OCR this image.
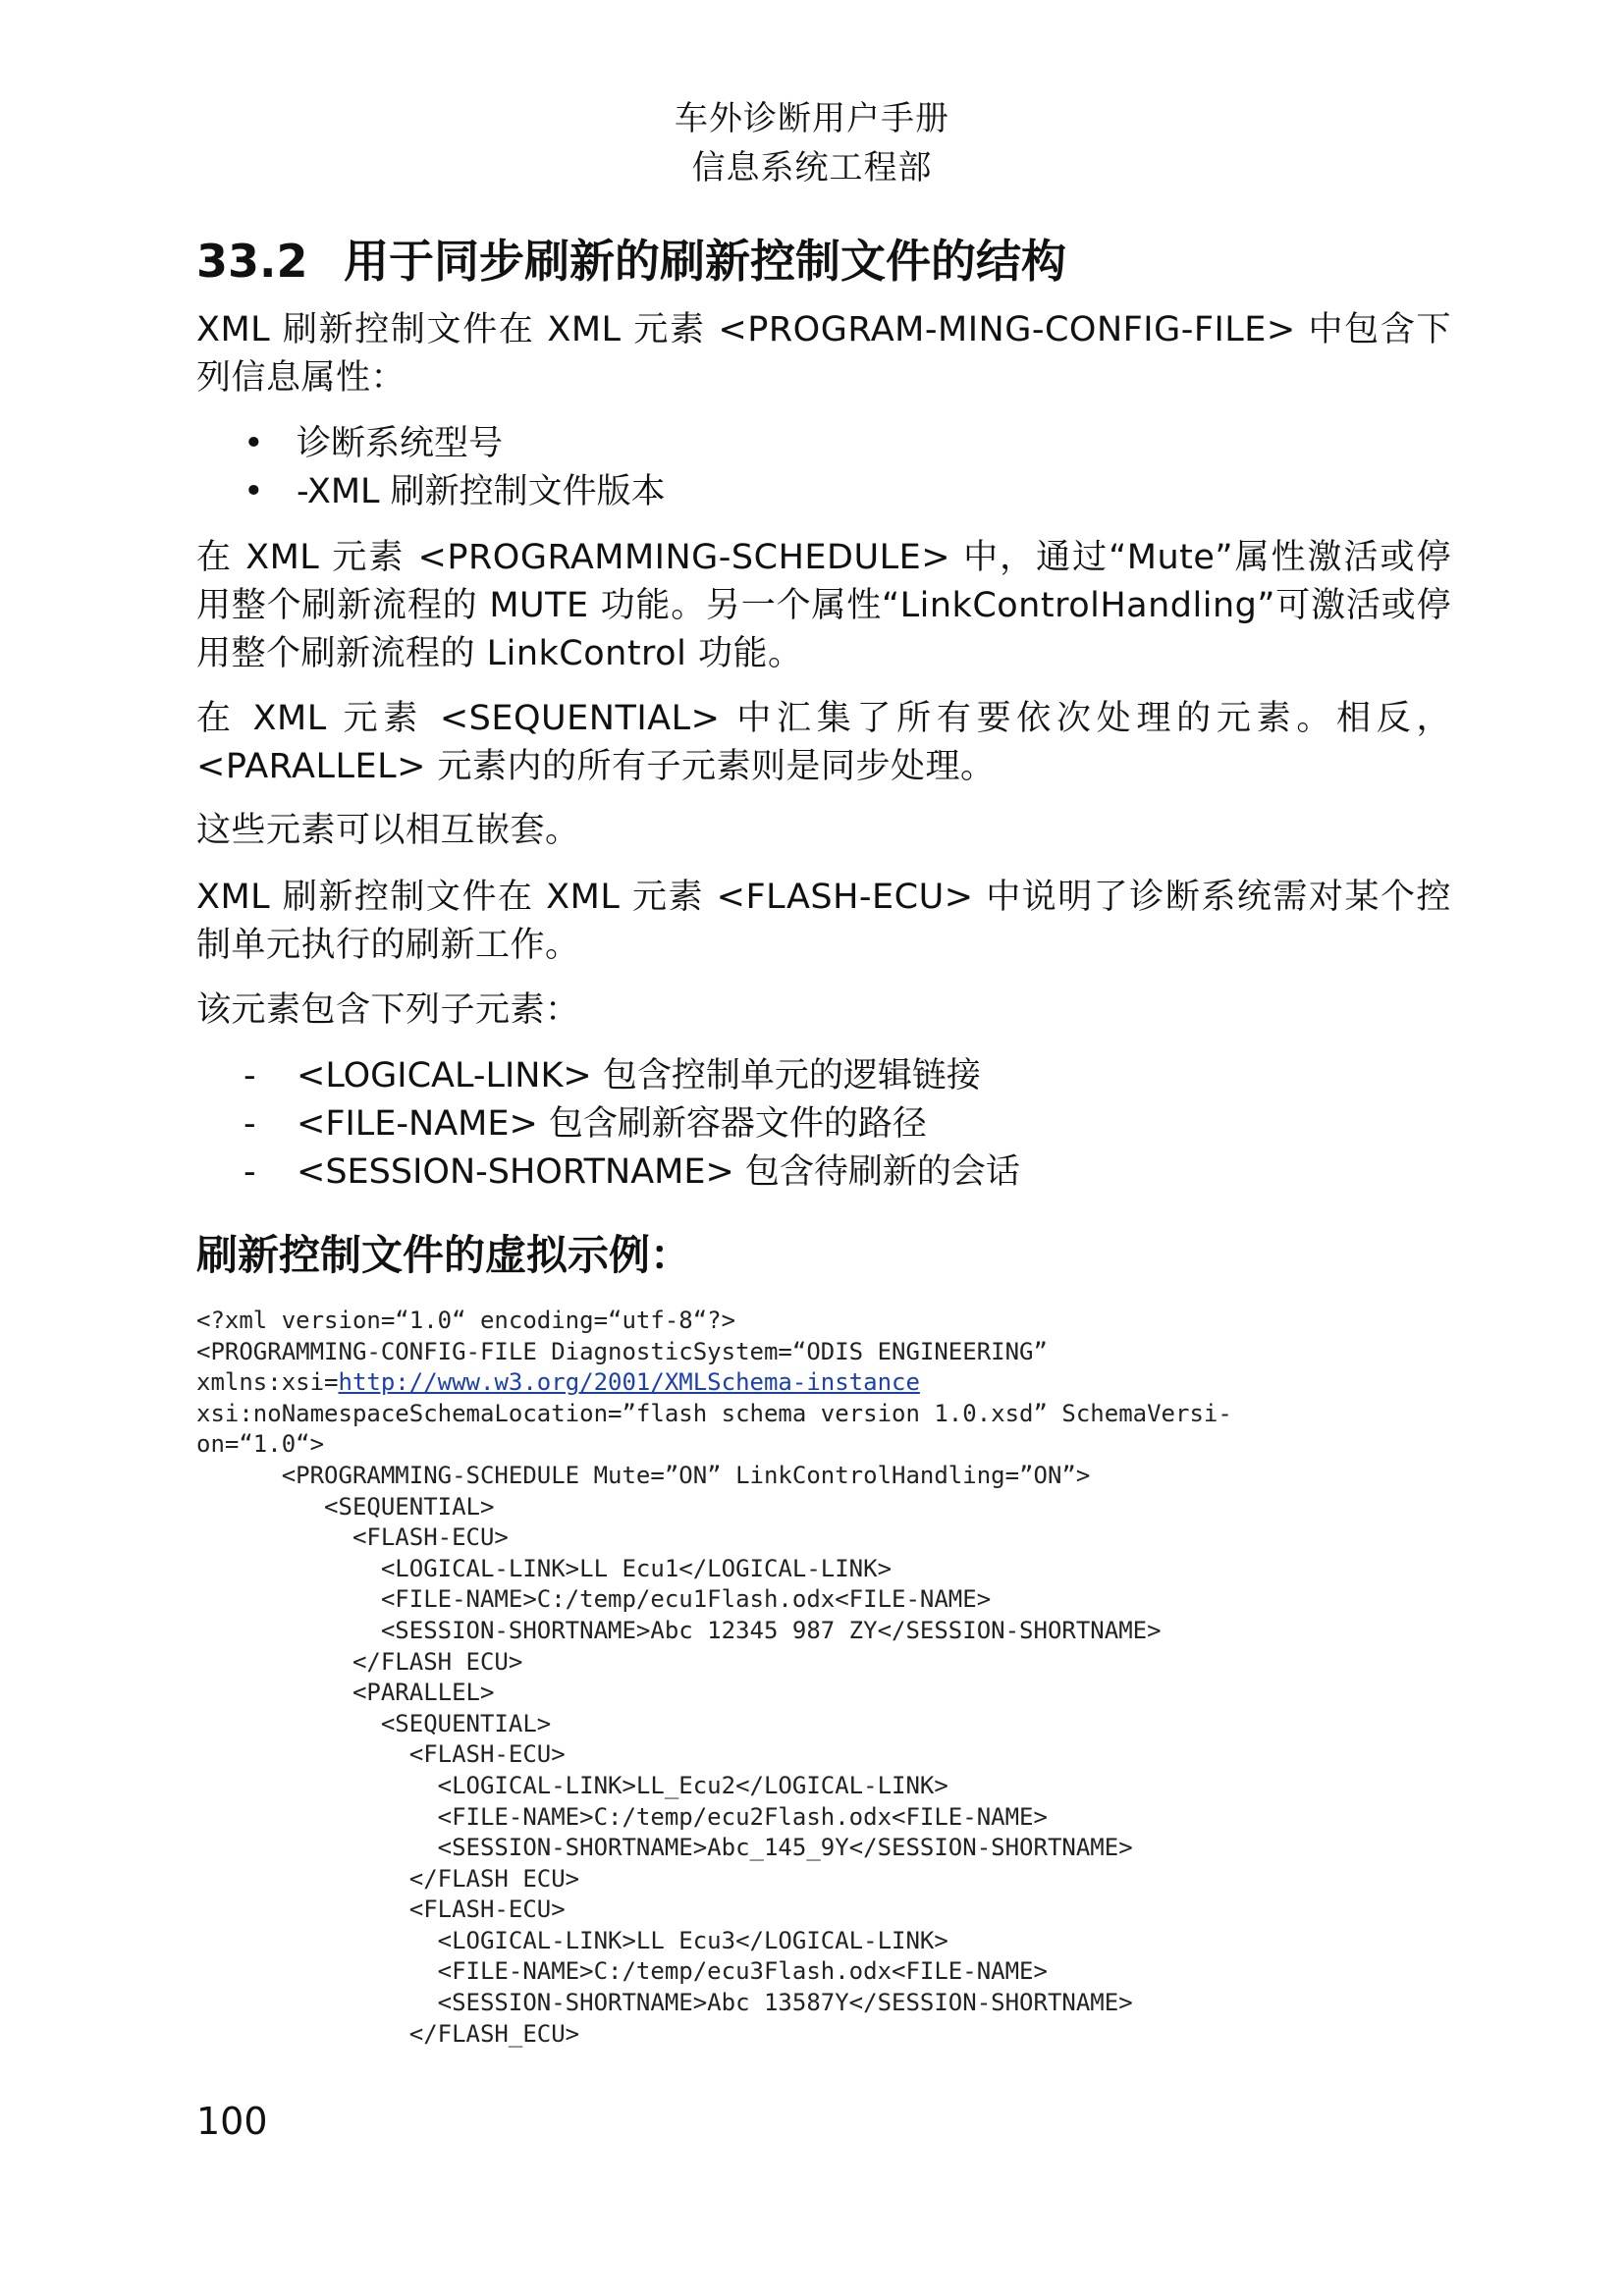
车外诊断用户手册
信息系统工程部
33.2 用于同步刷新的刷新控制文件的结构
XML 刷新控制文件在 XML 元素 <PROGRAM-MING-CONFIG-FILE> 中包含下列信息属性：
• 诊断系统型号
• -XML 刷新控制文件版本
在 XML 元素 <PROGRAMMING-SCHEDULE> 中，通过“Mute”属性激活或停用整个刷新流程的 MUTE 功能。另一个属性“LinkControlHandling”可激活或停用整个刷新流程的 LinkControl 功能。
在 XML 元素 <SEQUENTIAL> 中汇集了所有要依次处理的元素。相反，<PARALLEL> 元素内的所有子元素则是同步处理。
这些元素可以相互嵌套。
XML 刷新控制文件在 XML 元素 <FLASH-ECU> 中说明了诊断系统需对某个控制单元执行的刷新工作。
该元素包含下列子元素：
-	<LOGICAL-LINK> 包含控制单元的逻辑链接
-	<FILE-NAME> 包含刷新容器文件的路径
-	<SESSION-SHORTNAME> 包含待刷新的会话
刷新控制文件的虚拟示例：
<?xml version=“1.0“ encoding=“utf-8“?>
<PROGRAMMING-CONFIG-FILE DiagnosticSystem=“ODIS ENGINEERING”
xmlns:xsi=http://www.w3.org/2001/XMLSchema-instance
xsi:noNamespaceSchemaLocation=”flash schema version 1.0.xsd” SchemaVersi-
on=“1.0“>
<PROGRAMMING-SCHEDULE Mute=”ON” LinkControlHandling=”ON”>
<SEQUENTIAL>
<FLASH-ECU>
<LOGICAL-LINK>LL Ecu1</LOGICAL-LINK>
<FILE-NAME>C:/temp/ecu1Flash.odx<FILE-NAME>
<SESSION-SHORTNAME>Abc 12345 987 ZY</SESSION-SHORTNAME>
</FLASH ECU>
<PARALLEL>
<SEQUENTIAL>
<FLASH-ECU>
<LOGICAL-LINK>LL_Ecu2</LOGICAL-LINK>
<FILE-NAME>C:/temp/ecu2Flash.odx<FILE-NAME>
<SESSION-SHORTNAME>Abc_145_9Y</SESSION-SHORTNAME>
</FLASH ECU>
<FLASH-ECU>
<LOGICAL-LINK>LL Ecu3</LOGICAL-LINK>
<FILE-NAME>C:/temp/ecu3Flash.odx<FILE-NAME>
<SESSION-SHORTNAME>Abc 13587Y</SESSION-SHORTNAME>
</FLASH_ECU>
100
